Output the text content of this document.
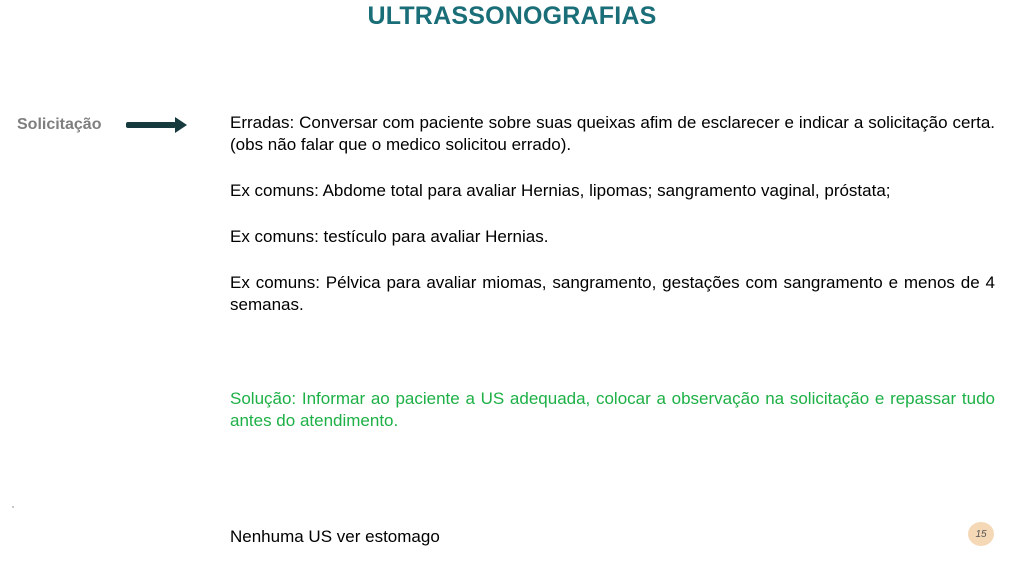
ULTRASSONOGRAFIAS
Solicitação	Erradas: Conversar com paciente sobre suas queixas afim de esclarecer e indicar a solicitação certa. (obs não falar que o medico solicitou errado).

Ex comuns: Abdome total para avaliar Hernias, lipomas; sangramento vaginal, próstata;

Ex comuns: testículo para avaliar Hernias.

Ex comuns: Pélvica para avaliar miomas, sangramento, gestações com sangramento e menos de 4 semanas.

Solução: Informar ao paciente a US adequada, colocar a observação na solicitação e repassar tudo antes do atendimento.

Nenhuma US ver estomago	15
